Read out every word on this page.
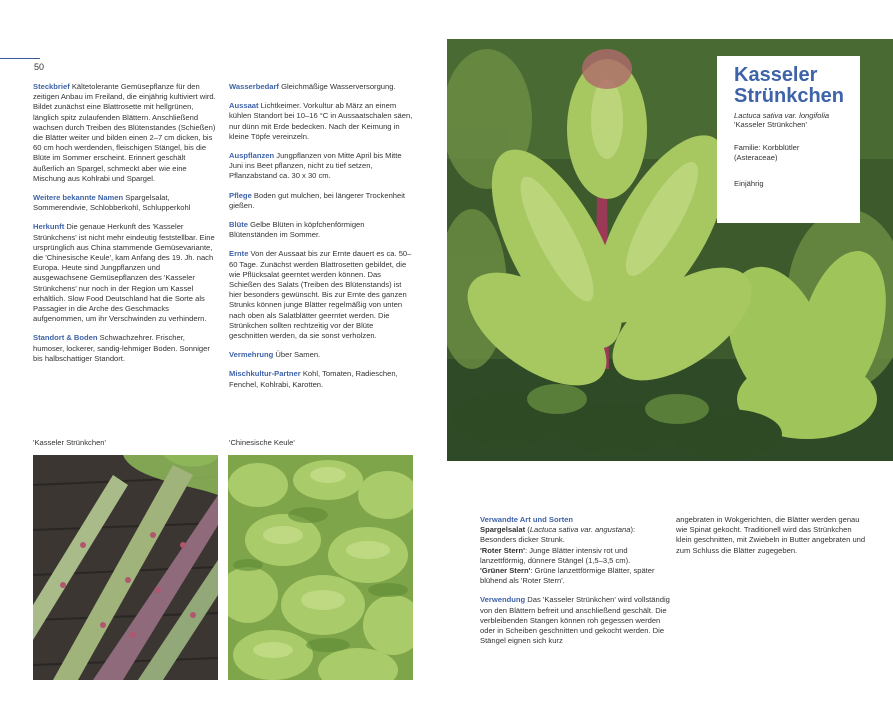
50

Steckbrief Kältetolerante Gemüsepflanze für den zeitigen Anbau im Freiland, die einjährig kultiviert wird. Bildet zunächst eine Blattrosette mit hellgrünen, länglich spitz zulaufenden Blättern. Anschließend wachsen durch Treiben des Blütenstandes (Schießen) die Blätter weiter und bilden einen 2–7 cm dicken, bis 60 cm hoch werdenden, fleischigen Stängel, bis die Blüte im Sommer erscheint. Erinnert geschält äußerlich an Spargel, schmeckt aber wie eine Mischung aus Kohlrabi und Spargel.

Weitere bekannte Namen Spargelsalat, Sommerendivie, Schlobberkohl, Schlupperkohl

Herkunft Die genaue Herkunft des 'Kasseler Strünkchens' ist nicht mehr eindeutig feststellbar. Eine ursprünglich aus China stammende Gemüsevariante, die 'Chinesische Keule', kam Anfang des 19. Jh. nach Europa. Heute sind Jungpflanzen und ausgewachsene Gemüsepflanzen des 'Kasseler Strünkchens' nur noch in der Region um Kassel erhältlich. Slow Food Deutschland hat die Sorte als Passagier in die Arche des Geschmacks aufgenommen, um ihr Verschwinden zu verhindern.

Standort & Boden Schwachzehrer. Frischer, humoser, lockerer, sandig-lehmiger Boden. Sonniger bis halbschattiger Standort.

Wasserbedarf Gleichmäßige Wasserversorgung.

Aussaat Lichtkeimer. Vorkultur ab März an einem kühlen Standort bei 10–16 °C in Aussaatschalen säen, nur dünn mit Erde bedecken. Nach der Keimung in kleine Töpfe vereinzeln.

Auspflanzen Jungpflanzen von Mitte April bis Mitte Juni ins Beet pflanzen, nicht zu tief setzen, Pflanzabstand ca. 30 x 30 cm.

Pflege Boden gut mulchen, bei längerer Trockenheit gießen.

Blüte Gelbe Blüten in köpfchenförmigen Blütenständen im Sommer.

Ernte Von der Aussaat bis zur Ernte dauert es ca. 50–60 Tage. Zunächst werden Blattrosetten gebildet, die wie Pflücksalat geerntet werden können. Das Schießen des Salats (Treiben des Blütenstands) ist hier besonders gewünscht. Bis zur Ernte des ganzen Strunks können junge Blätter regelmäßig von unten nach oben als Salatblätter geerntet werden. Die Strünkchen sollten rechtzeitig vor der Blüte geschnitten werden, da sie sonst verholzen.

Vermehrung Über Samen.

Mischkultur-Partner Kohl, Tomaten, Radieschen, Fenchel, Kohlrabi, Karotten.

'Kasseler Strünkchen'	'Chinesische Keule'
Kasseler
Strünkchen
Lactuca sativa var. longifolia
'Kasseler Strünkchen'
Familie: Korbblütler
(Asteraceae)
Einjährig

Verwandte Art und Sorten
Spargelsalat (Lactuca sativa var. angustana): Besonders dicker Strunk.
'Roter Stern': Junge Blätter intensiv rot und lanzettförmig, dünnere Stängel (1,5–3,5 cm).
'Grüner Stern': Grüne lanzettförmige Blätter, später blühend als 'Roter Stern'.

Verwendung Das 'Kasseler Strünkchen' wird vollständig von den Blättern befreit und anschließend geschält. Die verbleibenden Stangen können roh gegessen werden oder in Scheiben geschnitten und gekocht werden. Die Stängel eignen sich kurz

angebraten in Wokgerichten, die Blätter werden genau wie Spinat gekocht. Traditionell wird das Strünkchen klein geschnitten, mit Zwiebeln in Butter angebraten und zum Schluss die Blätter zugegeben.
